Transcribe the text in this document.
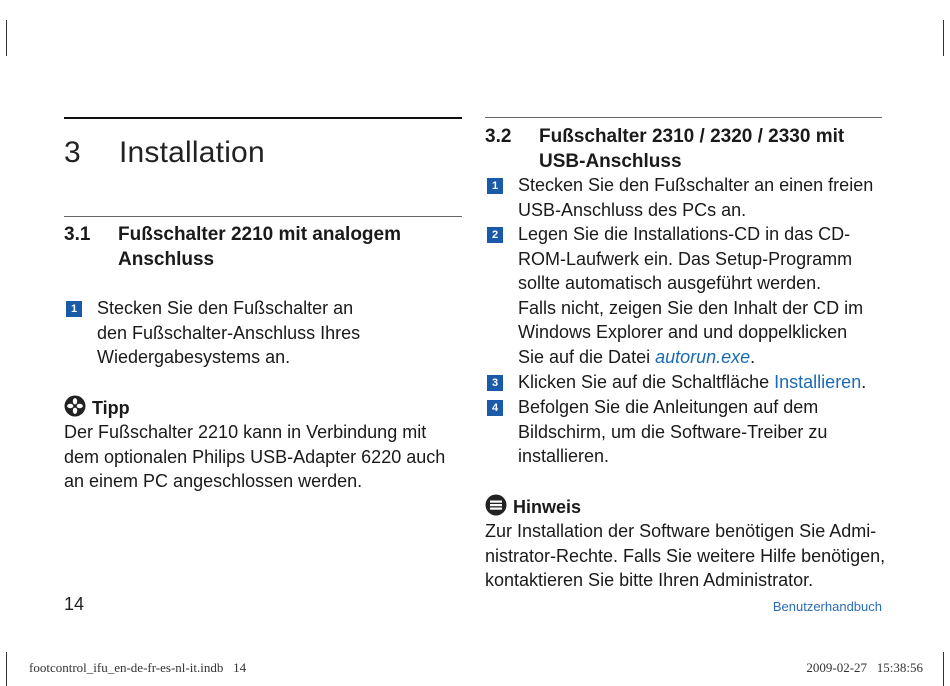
3 Installation
3.1 Fußschalter 2210 mit analogem
Anschluss
1 Stecken Sie den Fußschalter an
den Fußschalter-Anschluss Ihres
Wiedergabesystems an.
Tipp
Der Fußschalter 2210 kann in Verbindung mit
dem optionalen Philips USB-Adapter 6220 auch
an einem PC angeschlossen werden.
3.2 Fußschalter 2310 / 2320 / 2330 mit
USB-Anschluss
1 Stecken Sie den Fußschalter an einen freien
USB-Anschluss des PCs an.
2 Legen Sie die Installations-CD in das CD-
ROM-Laufwerk ein. Das Setup-Programm
sollte automatisch ausgeführt werden.
Falls nicht, zeigen Sie den Inhalt der CD im
Windows Explorer and und doppelklicken
Sie auf die Datei autorun.exe.
3 Klicken Sie auf die Schaltfläche Installieren.
4 Befolgen Sie die Anleitungen auf dem
Bildschirm, um die Software-Treiber zu
installieren.
Hinweis
Zur Installation der Software benötigen Sie Admi-
nistrator-Rechte. Falls Sie weitere Hilfe benötigen,
kontaktieren Sie bitte Ihren Administrator.
14	Benutzerhandbuch
footcontrol_ifu_en-de-fr-es-nl-it.indb   14	2009-02-27   15:38:56
